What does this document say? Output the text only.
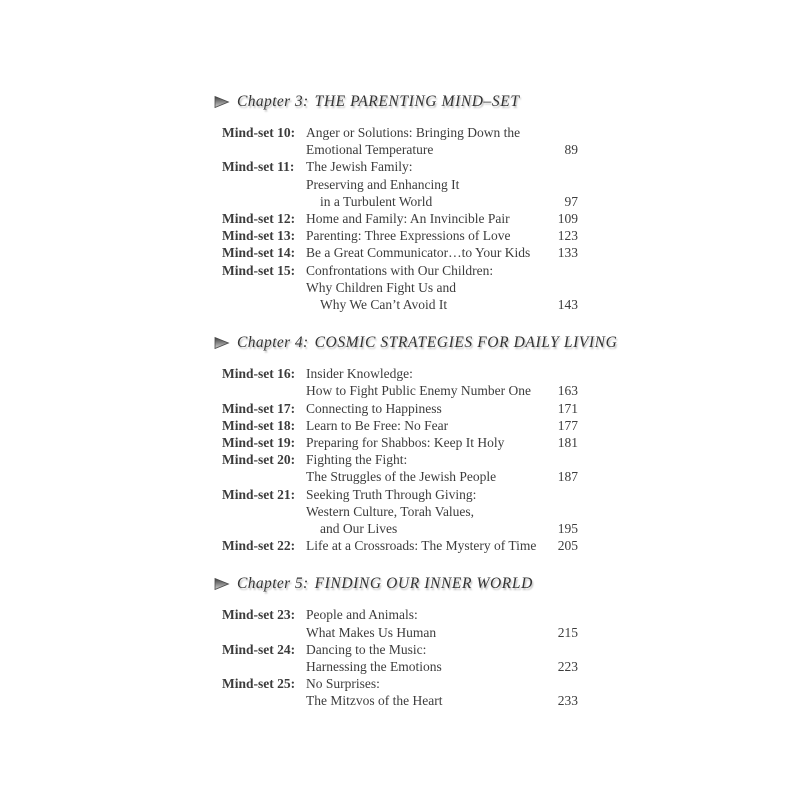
Chapter 3: THE PARENTING MIND–SET
Mind-set 10: Anger or Solutions: Bringing Down the
Emotional Temperature	89
Mind-set 11: The Jewish Family:
Preserving and Enhancing It
in a Turbulent World	97
Mind-set 12: Home and Family: An Invincible Pair	109
Mind-set 13: Parenting: Three Expressions of Love	123
Mind-set 14: Be a Great Communicator…to Your Kids	133
Mind-set 15: Confrontations with Our Children:
Why Children Fight Us and
Why We Can’t Avoid It	143
Chapter 4: COSMIC STRATEGIES FOR DAILY LIVING
Mind-set 16: Insider Knowledge:
How to Fight Public Enemy Number One	163
Mind-set 17: Connecting to Happiness	171
Mind-set 18: Learn to Be Free: No Fear	177
Mind-set 19: Preparing for Shabbos: Keep It Holy	181
Mind-set 20: Fighting the Fight:
The Struggles of the Jewish People	187
Mind-set 21: Seeking Truth Through Giving:
Western Culture, Torah Values,
and Our Lives	195
Mind-set 22: Life at a Crossroads: The Mystery of Time	205
Chapter 5: FINDING OUR INNER WORLD
Mind-set 23: People and Animals:
What Makes Us Human	215
Mind-set 24: Dancing to the Music:
Harnessing the Emotions	223
Mind-set 25: No Surprises:
The Mitzvos of the Heart	233
